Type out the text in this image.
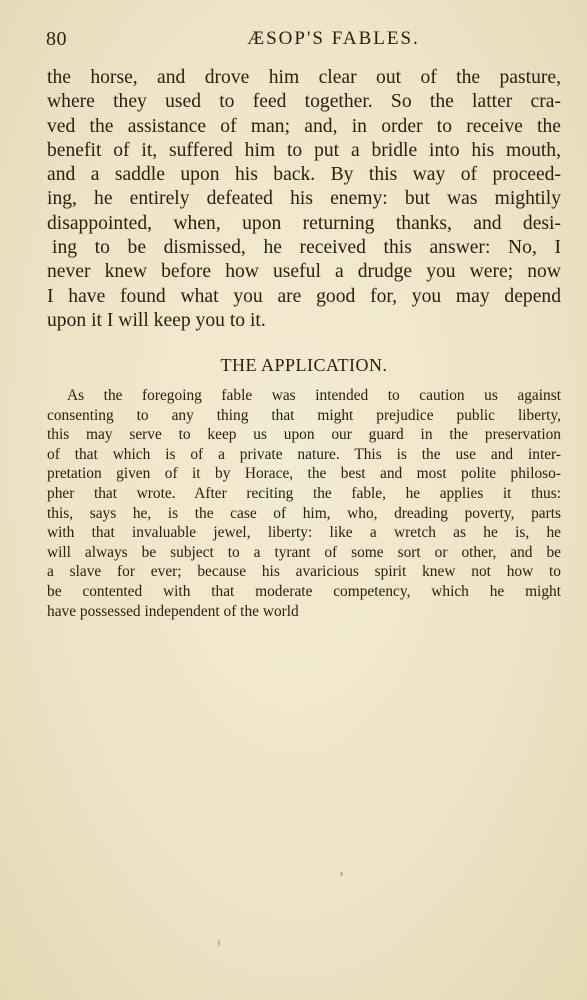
80	ÆSOP'S FABLES.
the horse, and drove him clear out of the pasture,
where they used to feed together. So the latter cra-
ved the assistance of man; and, in order to receive the
benefit of it, suffered him to put a bridle into his mouth,
and a saddle upon his back. By this way of proceed-
ing, he entirely defeated his enemy: but was mightily
disappointed, when, upon returning thanks, and desi-
ing to be dismissed, he received this answer: No, I
never knew before how useful a drudge you were; now
I have found what you are good for, you may depend
upon it I will keep you to it.
THE APPLICATION.
As the foregoing fable was intended to caution us against
consenting to any thing that might prejudice public liberty,
this may serve to keep us upon our guard in the preservation
of that which is of a private nature. This is the use and inter-
pretation given of it by Horace, the best and most polite philoso-
pher that wrote. After reciting the fable, he applies it thus:
this, says he, is the case of him, who, dreading poverty, parts
with that invaluable jewel, liberty: like a wretch as he is, he
will always be subject to a tyrant of some sort or other, and be
a slave for ever; because his avaricious spirit knew not how to
be contented with that moderate competency, which he might
have possessed independent of the world
